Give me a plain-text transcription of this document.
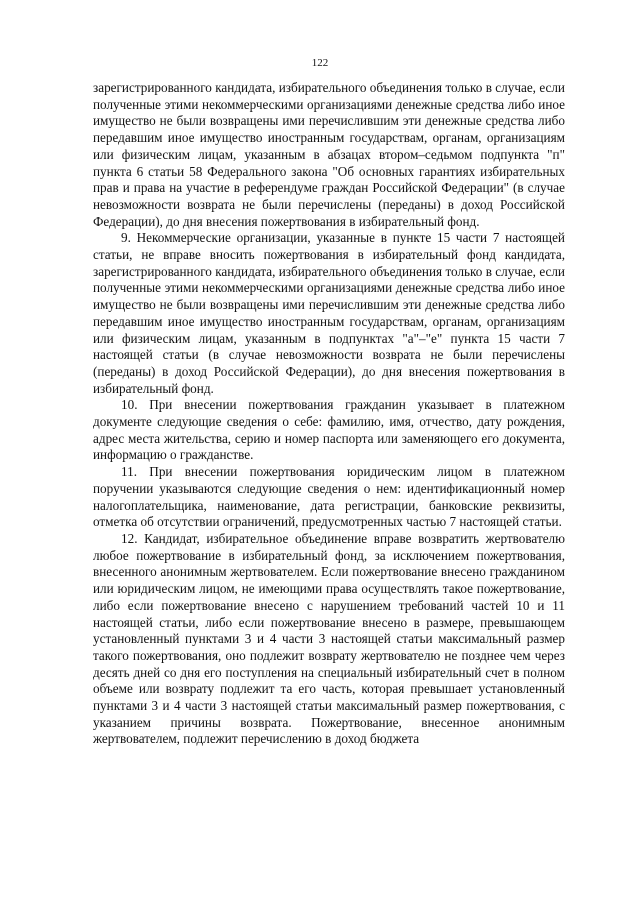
122

зарегистрированного кандидата, избирательного объединения только в случае, если полученные этими некоммерческими организациями денежные средства либо иное имущество не были возвращены ими перечислившим эти денежные средства либо передавшим иное имущество иностранным государствам, органам, организациям или физическим лицам, указанным в абзацах втором–седьмом подпункта "п" пункта 6 статьи 58 Федерального закона "Об основных гарантиях избирательных прав и права на участие в референдуме граждан Российской Федерации" (в случае невозможности возврата не были перечислены (переданы) в доход Российской Федерации), до дня внесения пожертвования в избирательный фонд.

9. Некоммерческие организации, указанные в пункте 15 части 7 настоящей статьи, не вправе вносить пожертвования в избирательный фонд кандидата, зарегистрированного кандидата, избирательного объединения только в случае, если полученные этими некоммерческими организациями денежные средства либо иное имущество не были возвращены ими перечислившим эти денежные средства либо передавшим иное имущество иностранным государствам, органам, организациям или физическим лицам, указанным в подпунктах "а"–"е" пункта 15 части 7 настоящей статьи (в случае невозможности возврата не были перечислены (переданы) в доход Российской Федерации), до дня внесения пожертвования в избирательный фонд.

10. При внесении пожертвования гражданин указывает в платежном документе следующие сведения о себе: фамилию, имя, отчество, дату рождения, адрес места жительства, серию и номер паспорта или заменяющего его документа, информацию о гражданстве.

11. При внесении пожертвования юридическим лицом в платежном поручении указываются следующие сведения о нем: идентификационный номер налогоплательщика, наименование, дата регистрации, банковские реквизиты, отметка об отсутствии ограничений, предусмотренных частью 7 настоящей статьи.

12. Кандидат, избирательное объединение вправе возвратить жертвователю любое пожертвование в избирательный фонд, за исключением пожертвования, внесенного анонимным жертвователем. Если пожертвование внесено гражданином или юридическим лицом, не имеющими права осуществлять такое пожертвование, либо если пожертвование внесено с нарушением требований частей 10 и 11 настоящей статьи, либо если пожертвование внесено в размере, превышающем установленный пунктами 3 и 4 части 3 настоящей статьи максимальный размер такого пожертвования, оно подлежит возврату жертвователю не позднее чем через десять дней со дня его поступления на специальный избирательный счет в полном объеме или возврату подлежит та его часть, которая превышает установленный пунктами 3 и 4 части 3 настоящей статьи максимальный размер пожертвования, с указанием причины возврата. Пожертвование, внесенное анонимным жертвователем, подлежит перечислению в доход бюджета
